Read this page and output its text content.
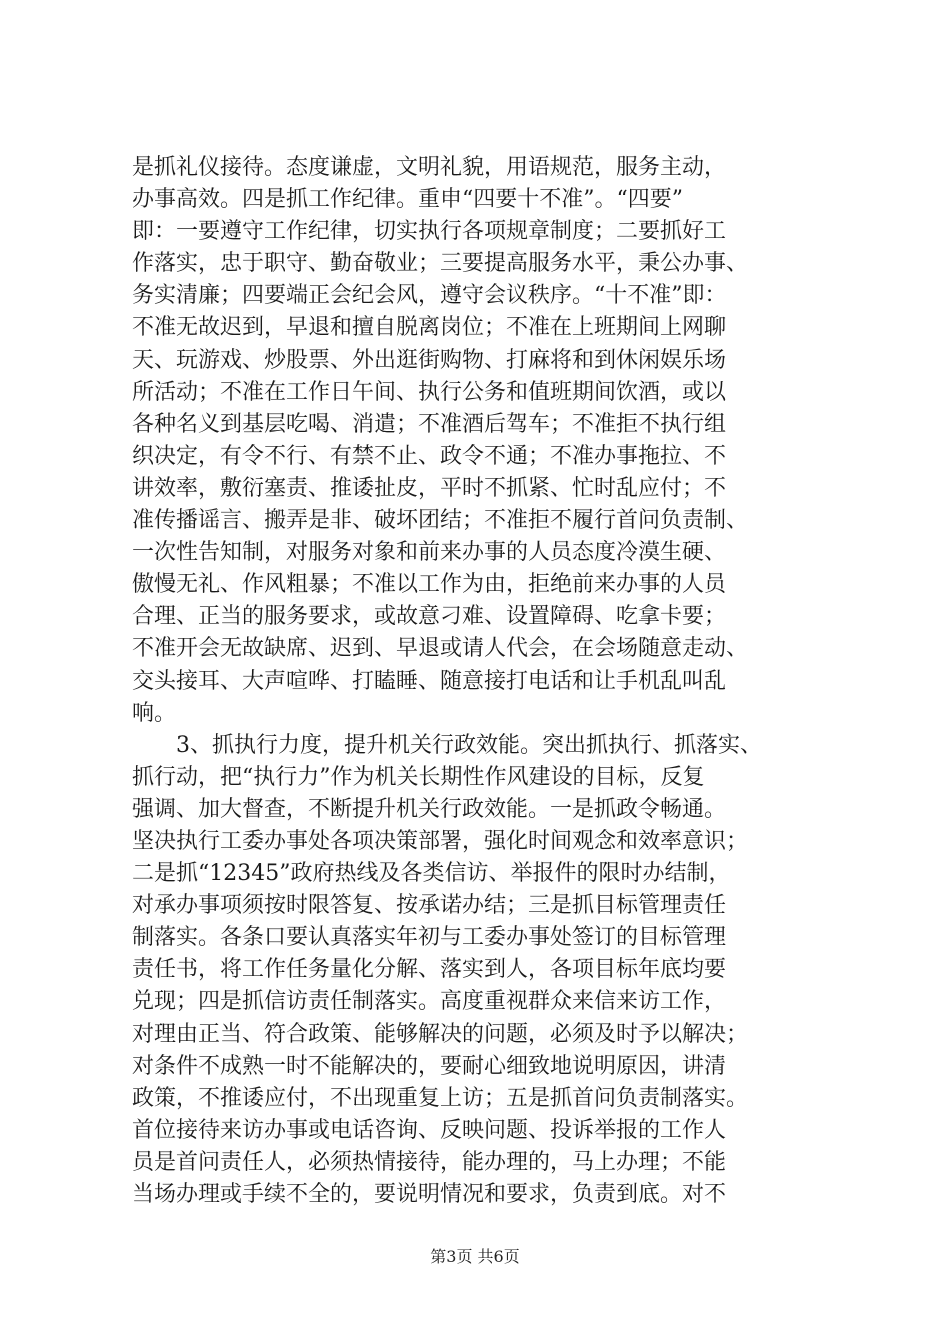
是抓礼仪接待。态度谦虚，文明礼貌，用语规范，服务主动，
办事高效。四是抓工作纪律。重申“四要十不准”。“四要”
即：一要遵守工作纪律，切实执行各项规章制度；二要抓好工
作落实，忠于职守、勤奋敬业；三要提高服务水平，秉公办事、
务实清廉；四要端正会纪会风，遵守会议秩序。“十不准”即：
不准无故迟到，早退和擅自脱离岗位；不准在上班期间上网聊
天、玩游戏、炒股票、外出逛街购物、打麻将和到休闲娱乐场
所活动；不准在工作日午间、执行公务和值班期间饮酒，或以
各种名义到基层吃喝、消遣；不准酒后驾车；不准拒不执行组
织决定，有令不行、有禁不止、政令不通；不准办事拖拉、不
讲效率，敷衍塞责、推诿扯皮，平时不抓紧、忙时乱应付；不
准传播谣言、搬弄是非、破坏团结；不准拒不履行首问负责制、
一次性告知制，对服务对象和前来办事的人员态度冷漠生硬、
傲慢无礼、作风粗暴；不准以工作为由，拒绝前来办事的人员
合理、正当的服务要求，或故意刁难、设置障碍、吃拿卡要；
不准开会无故缺席、迟到、早退或请人代会，在会场随意走动、
交头接耳、大声喧哗、打瞌睡、随意接打电话和让手机乱叫乱
响。
3、抓执行力度，提升机关行政效能。突出抓执行、抓落实、
抓行动，把“执行力”作为机关长期性作风建设的目标，反复
强调、加大督查，不断提升机关行政效能。一是抓政令畅通。
坚决执行工委办事处各项决策部署，强化时间观念和效率意识；
二是抓“12345”政府热线及各类信访、举报件的限时办结制，
对承办事项须按时限答复、按承诺办结；三是抓目标管理责任
制落实。各条口要认真落实年初与工委办事处签订的目标管理
责任书，将工作任务量化分解、落实到人，各项目标年底均要
兑现；四是抓信访责任制落实。高度重视群众来信来访工作，
对理由正当、符合政策、能够解决的问题，必须及时予以解决；
对条件不成熟一时不能解决的，要耐心细致地说明原因，讲清
政策，不推诿应付，不出现重复上访；五是抓首问负责制落实。
首位接待来访办事或电话咨询、反映问题、投诉举报的工作人
员是首问责任人，必须热情接待，能办理的，马上办理；不能
当场办理或手续不全的，要说明情况和要求，负责到底。对不
第3页 共6页
